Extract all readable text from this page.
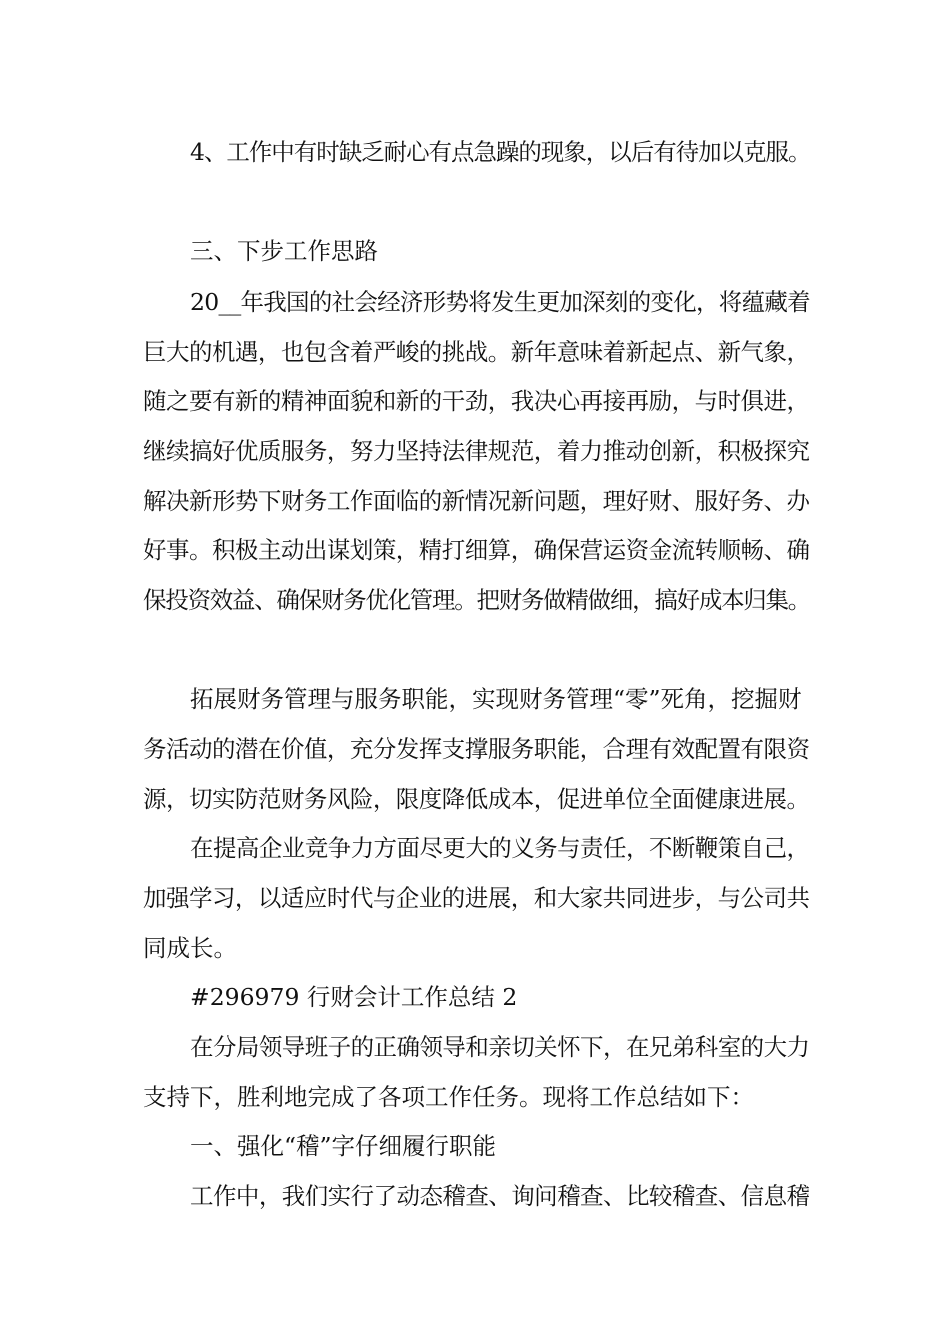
4、工作中有时缺乏耐心有点急躁的现象，以后有待加以克服。

三、下步工作思路

20__年我国的社会经济形势将发生更加深刻的变化，将蕴藏着

巨大的机遇，也包含着严峻的挑战。新年意味着新起点、新气象，

随之要有新的精神面貌和新的干劲，我决心再接再励，与时俱进，

继续搞好优质服务，努力坚持法律规范，着力推动创新，积极探究

解决新形势下财务工作面临的新情况新问题，理好财、服好务、办

好事。积极主动出谋划策，精打细算，确保营运资金流转顺畅、确

保投资效益、确保财务优化管理。把财务做精做细，搞好成本归集。

拓展财务管理与服务职能，实现财务管理“零”死角，挖掘财

务活动的潜在价值，充分发挥支撑服务职能，合理有效配置有限资

源，切实防范财务风险，限度降低成本，促进单位全面健康进展。

在提高企业竞争力方面尽更大的义务与责任，不断鞭策自己，

加强学习，以适应时代与企业的进展，和大家共同进步，与公司共

同成长。

#296979 行财会计工作总结 2

在分局领导班子的正确领导和亲切关怀下，在兄弟科室的大力

支持下，胜利地完成了各项工作任务。现将工作总结如下：

一、强化“稽”字仔细履行职能

工作中，我们实行了动态稽查、询问稽查、比较稽查、信息稽
